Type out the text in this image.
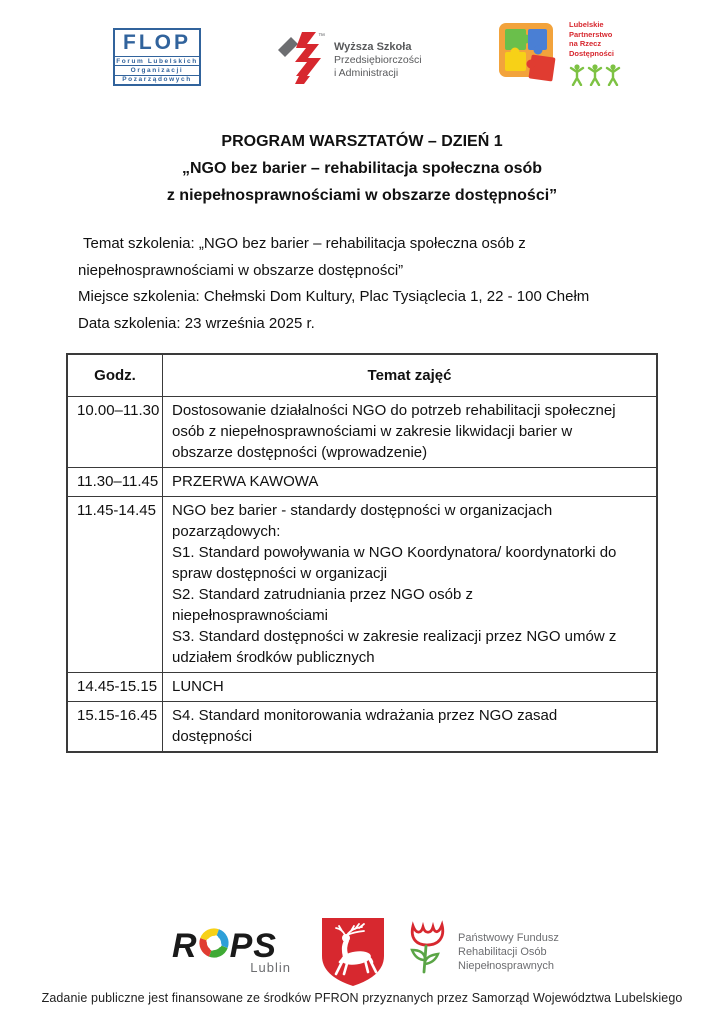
FLOP
Forum Lubelskich
Organizacji
Pozarządowych
™
Wyższa Szkoła
Przedsiębiorczości
i Administracji
Lubelskie
Partnerstwo
na Rzecz
Dostępności
PROGRAM WARSZTATÓW – DZIEŃ 1
„NGO bez barier – rehabilitacja społeczna osób
z niepełnosprawnościami w obszarze dostępności”
Temat szkolenia: „NGO bez barier – rehabilitacja społeczna osób z niepełnosprawnościami w obszarze dostępności”
Miejsce szkolenia: Chełmski Dom Kultury, Plac Tysiąclecia 1, 22 - 100 Chełm
Data szkolenia: 23 września 2025 r.
Godz.	Temat zajęć
10.00–11.30	Dostosowanie działalności NGO do potrzeb rehabilitacji społecznej osób z niepełnosprawnościami w zakresie likwidacji barier w obszarze dostępności (wprowadzenie)

11.30–11.45	PRZERWA KAWOWA

11.45-14.45	NGO bez barier - standardy dostępności w organizacjach pozarządowych:
S1. Standard powoływania w NGO Koordynatora/ koordynatorki do spraw dostępności w organizacji
S2. Standard zatrudniania przez NGO osób z niepełnosprawnościami
S3. Standard dostępności w zakresie realizacji przez NGO umów z udziałem środków publicznych

14.45-15.15	LUNCH

15.15-16.45	S4. Standard monitorowania wdrażania przez NGO zasad dostępności
R PS
Lublin
Państwowy Fundusz
Rehabilitacji Osób
Niepełnosprawnych
Zadanie publiczne jest finansowane ze środków PFRON przyznanych przez Samorząd Województwa Lubelskiego
